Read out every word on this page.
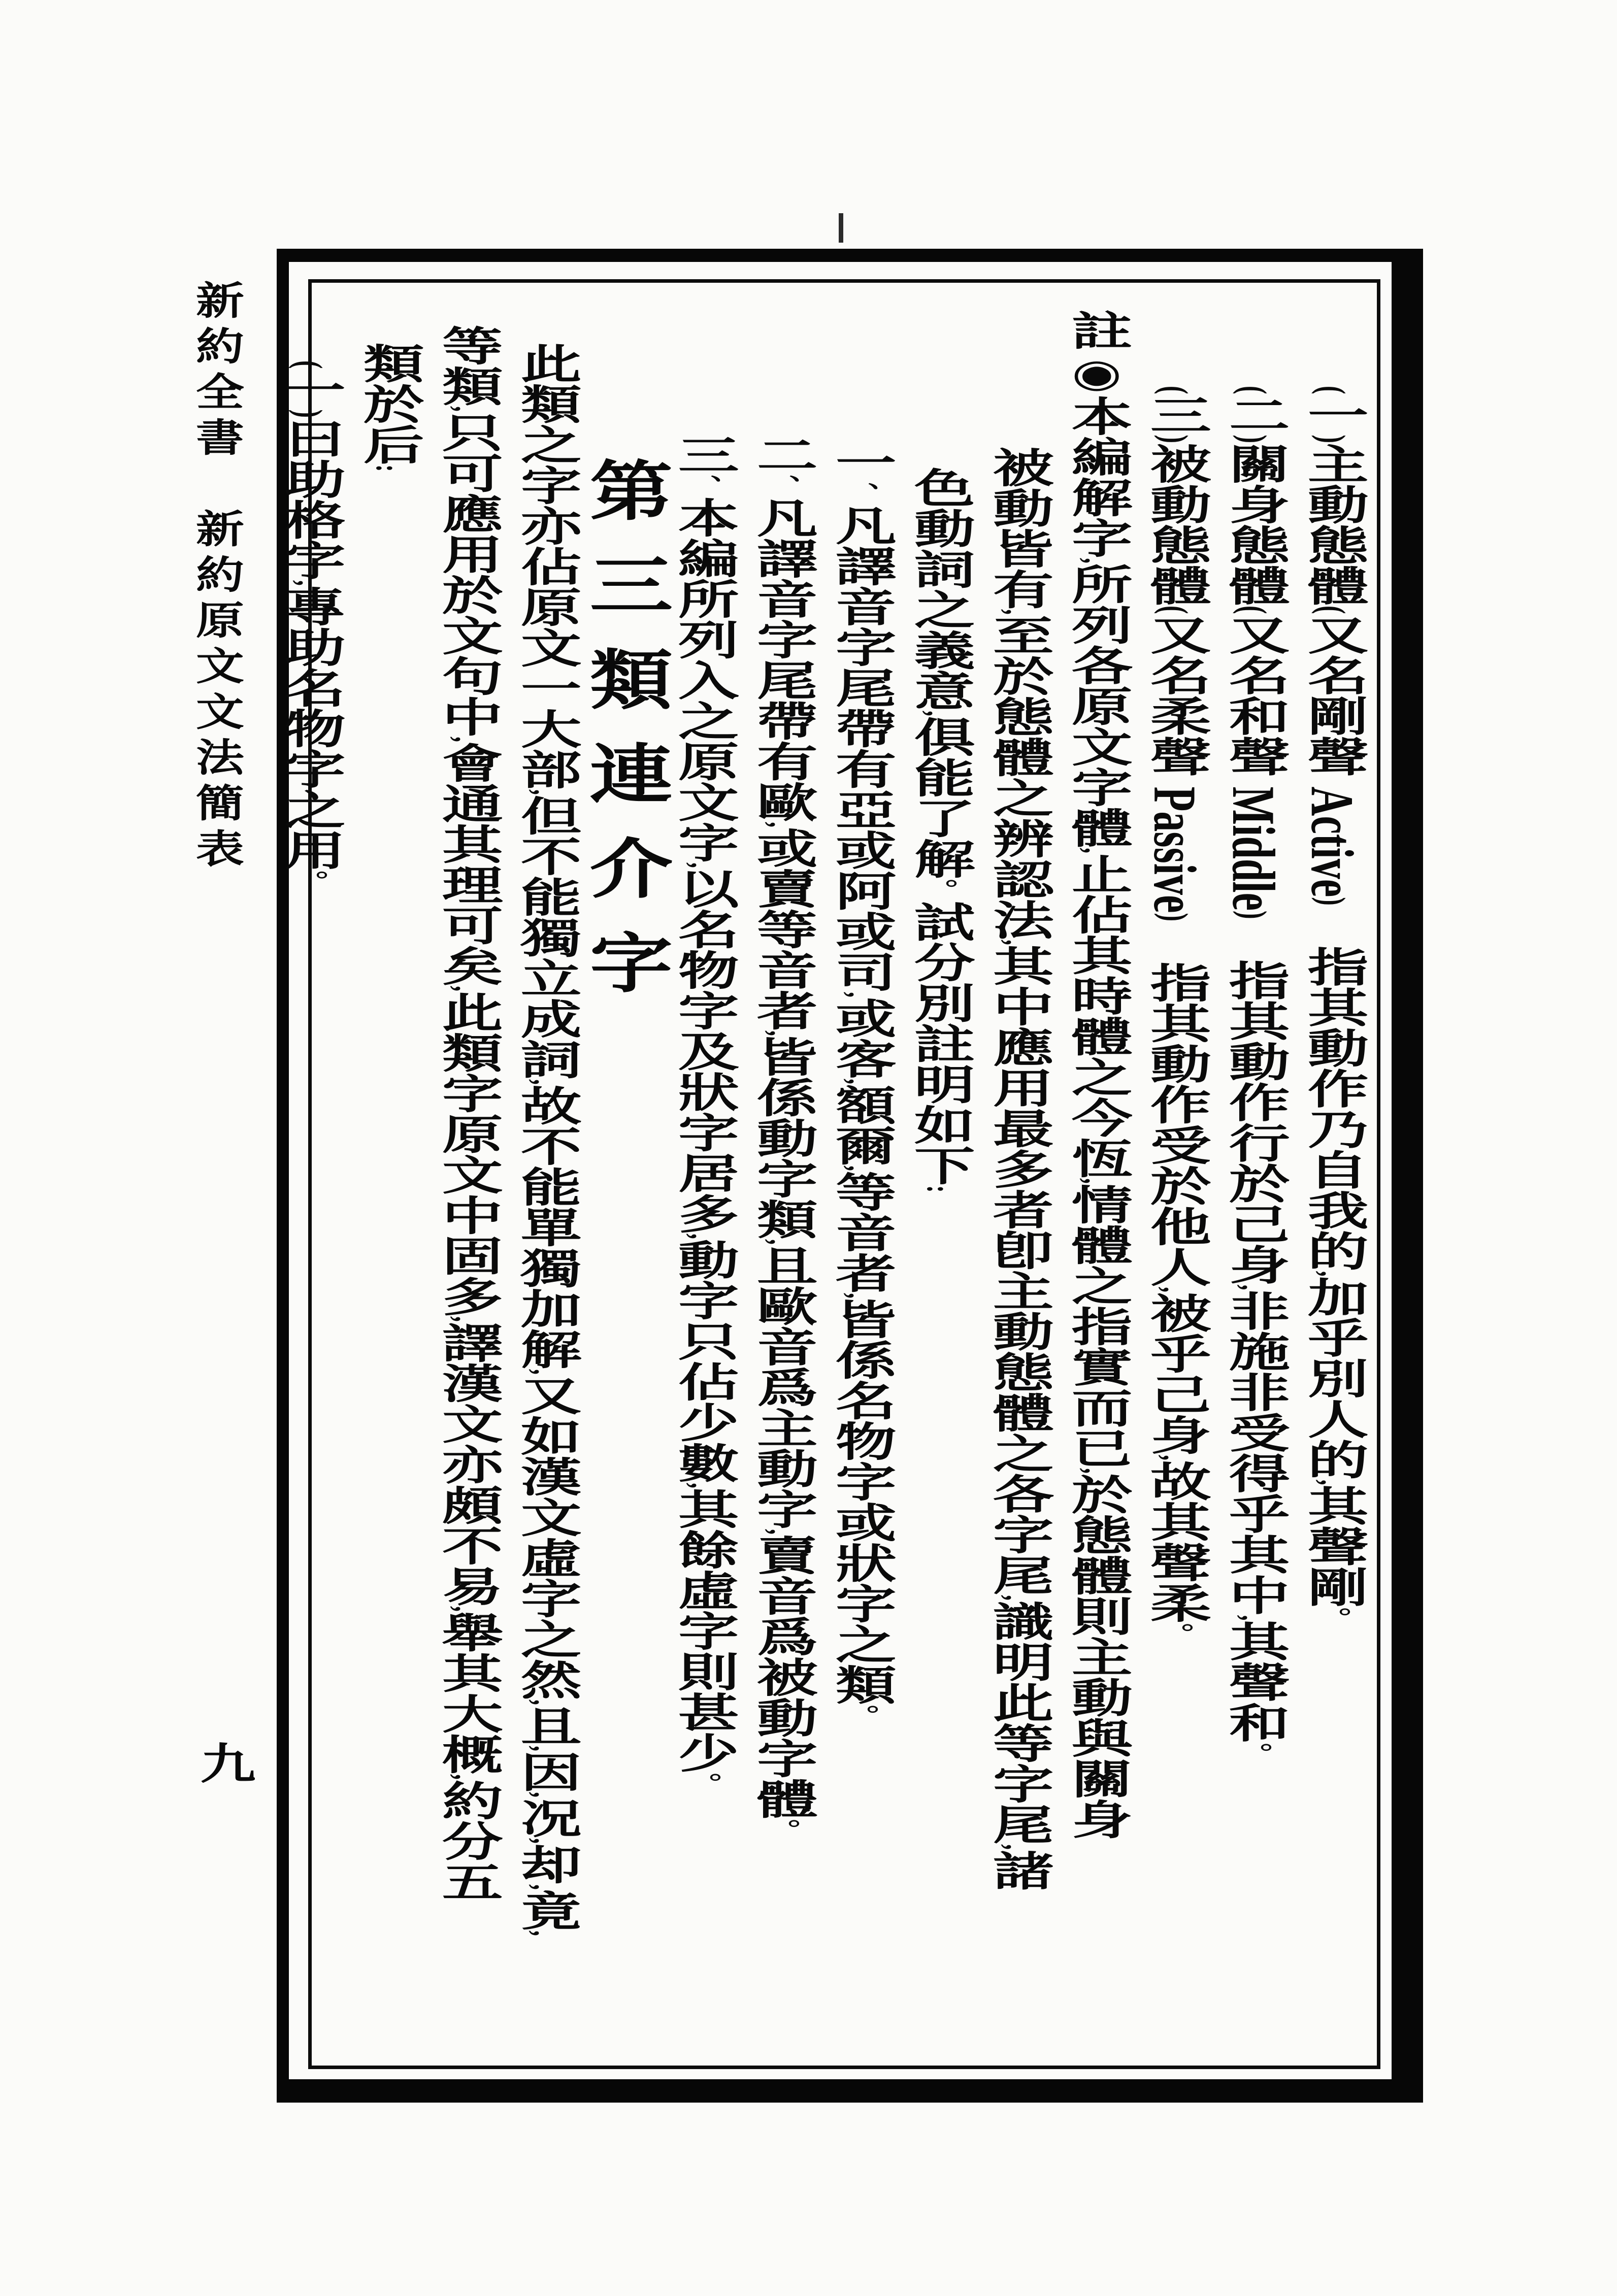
新約全書　新約原文文法簡表
九
(一)主動態體(又名剛聲 Active)　指其動作乃自我的,加乎別人的,其聲剛。
(二)關身態體(又名和聲 Middle)　指其動作行於己身,非施非受得乎其中,其聲和。
(三)被動態體(又名柔聲 Passive)　指其動作受於他人,被乎己身,故其聲柔。
註◉本編解字,所列各原文字體,止佔其時體之今恆,情體之指實而已,於態體則主動與關身
被動皆有,至於態體之辨認法,其中應用最多者卽主動態體之各字尾,識明此等字尾,諸
色動詞之義意,俱能了解。試分別註明如下:
一、凡譯音字尾帶有亞或阿或司,或客,額爾,等音者,皆係名物字或狀字之類。
二、凡譯音字尾帶有歐,或賣等音者,皆係動字類,且歐音爲主動字,賣音爲被動字體。
三、本編所列入之原文字,以名物字及狀字居多,動字只佔少數,其餘虛字則甚少。
第三類連介字
此類之字亦佔原文一大部,但不能獨立成詞,故不能單獨加解,又如漢文虛字之然,且,因,况,却,竟,
等類,只可應用於文句中,會通其理可矣,此類字原文中固多,譯漢文亦頗不易,舉其大概,約分五
類於后:
(一)曰助格字,專助名物字之用。
